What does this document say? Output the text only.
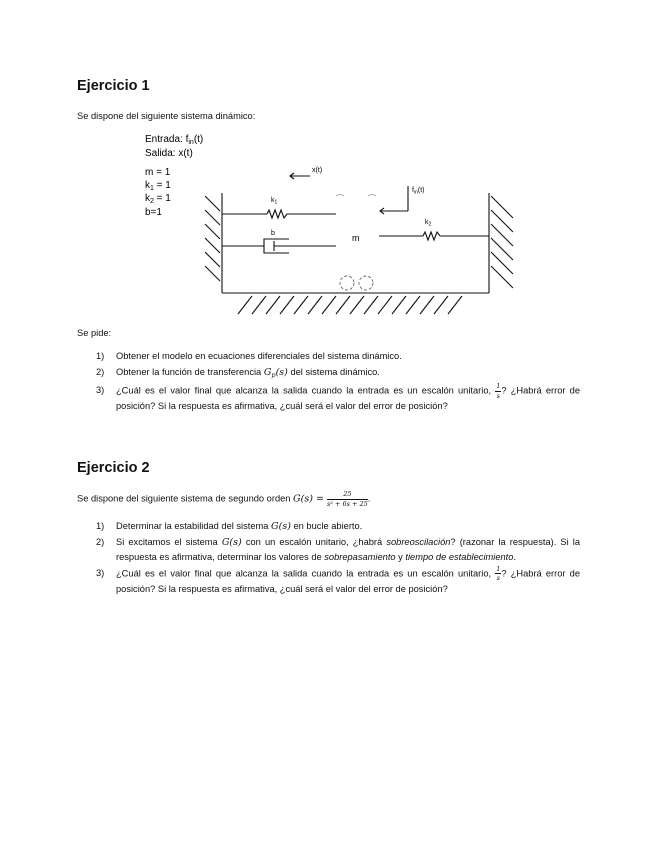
Ejercicio 1

Se dispone del siguiente sistema dinámico:

Entrada: $f_{in}(t)$
Salida: x(t)
m = 1
$k_1 = 1$
$k_2 = 1$
b=1
x(t)
$f_{in}(t)$
$k_1$
b
$k_2$
m

Se pide:

1) Obtener el modelo en ecuaciones diferenciales del sistema dinámico.
2) Obtener la función de transferencia $G_p(s)$ del sistema dinámico.
3) ¿Cuál es el valor final que alcanza la salida cuando la entrada es un escalón unitario, $\frac{1}{s}$ ? ¿Habrá error de posición? Si la respuesta es afirmativa, ¿cuál será el valor del error de posición?
Ejercicio 2

Se dispone del siguiente sistema de segundo orden $G(s) = \frac{25}{\text{s² + 6s + 25}}$ .

1) Determinar la estabilidad del sistema G(s) en bucle abierto.
2) Si excitamos el sistema G(s) con un escalón unitario, ¿habrá sobreoscilación? (razonar la respuesta). Si la respuesta es afirmativa, determinar los valores de sobrepasamiento y tiempo de establecimiento.
3) ¿Cuál es el valor final que alcanza la salida cuando la entrada es un escalón unitario, $\frac{1}{s}$ ? ¿Habrá error de posición? Si la respuesta es afirmativa, ¿cuál será el valor del error de posición?
